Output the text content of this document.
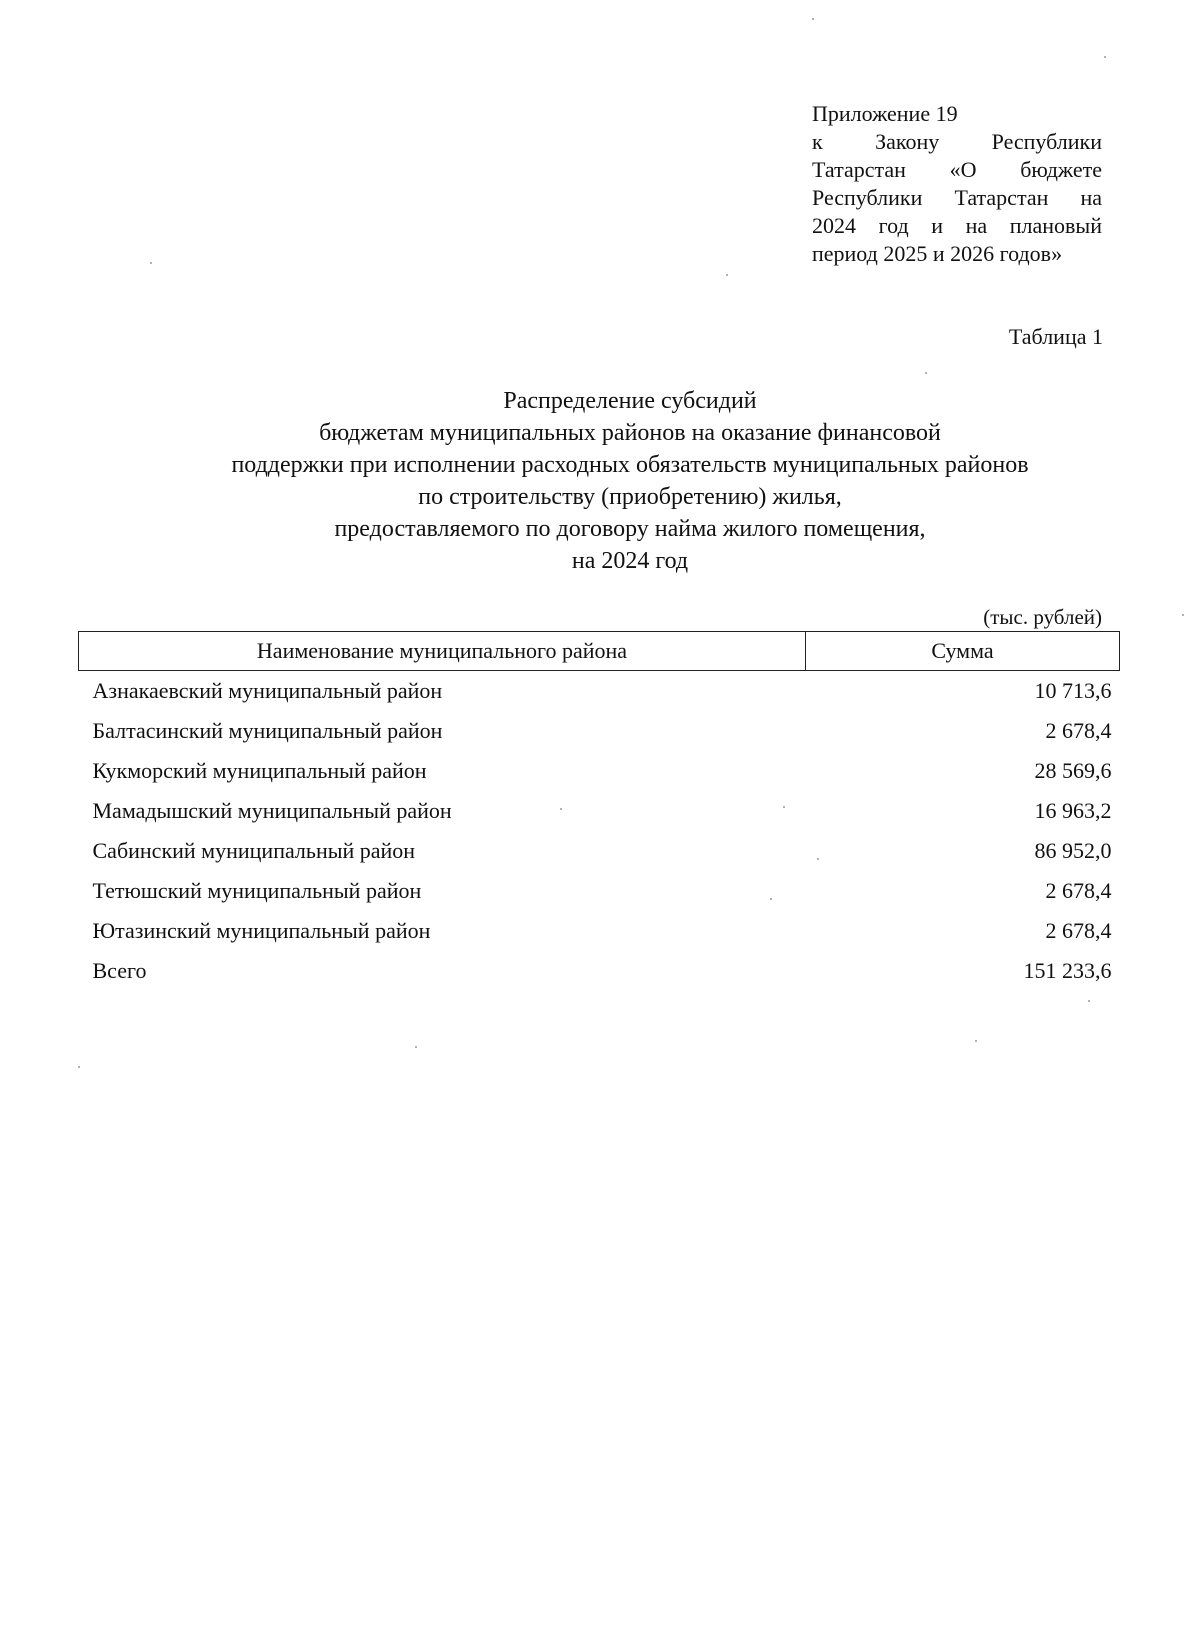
Приложение 19
к Закону Республики
Татарстан «О бюджете
Республики Татарстан на
2024 год и на плановый
период 2025 и 2026 годов»
Таблица 1
Распределение субсидий
бюджетам муниципальных районов на оказание финансовой
поддержки при исполнении расходных обязательств муниципальных районов
по строительству (приобретению) жилья,
предоставляемого по договору найма жилого помещения,
на 2024 год
(тыс. рублей)
Наименование муниципального района	Сумма
Азнакаевский муниципальный район	10 713,6
Балтасинский муниципальный район	2 678,4
Кукморский муниципальный район	28 569,6
Мамадышский муниципальный район	16 963,2
Сабинский муниципальный район	86 952,0
Тетюшский муниципальный район	2 678,4
Ютазинский муниципальный район	2 678,4
Всего	151 233,6
